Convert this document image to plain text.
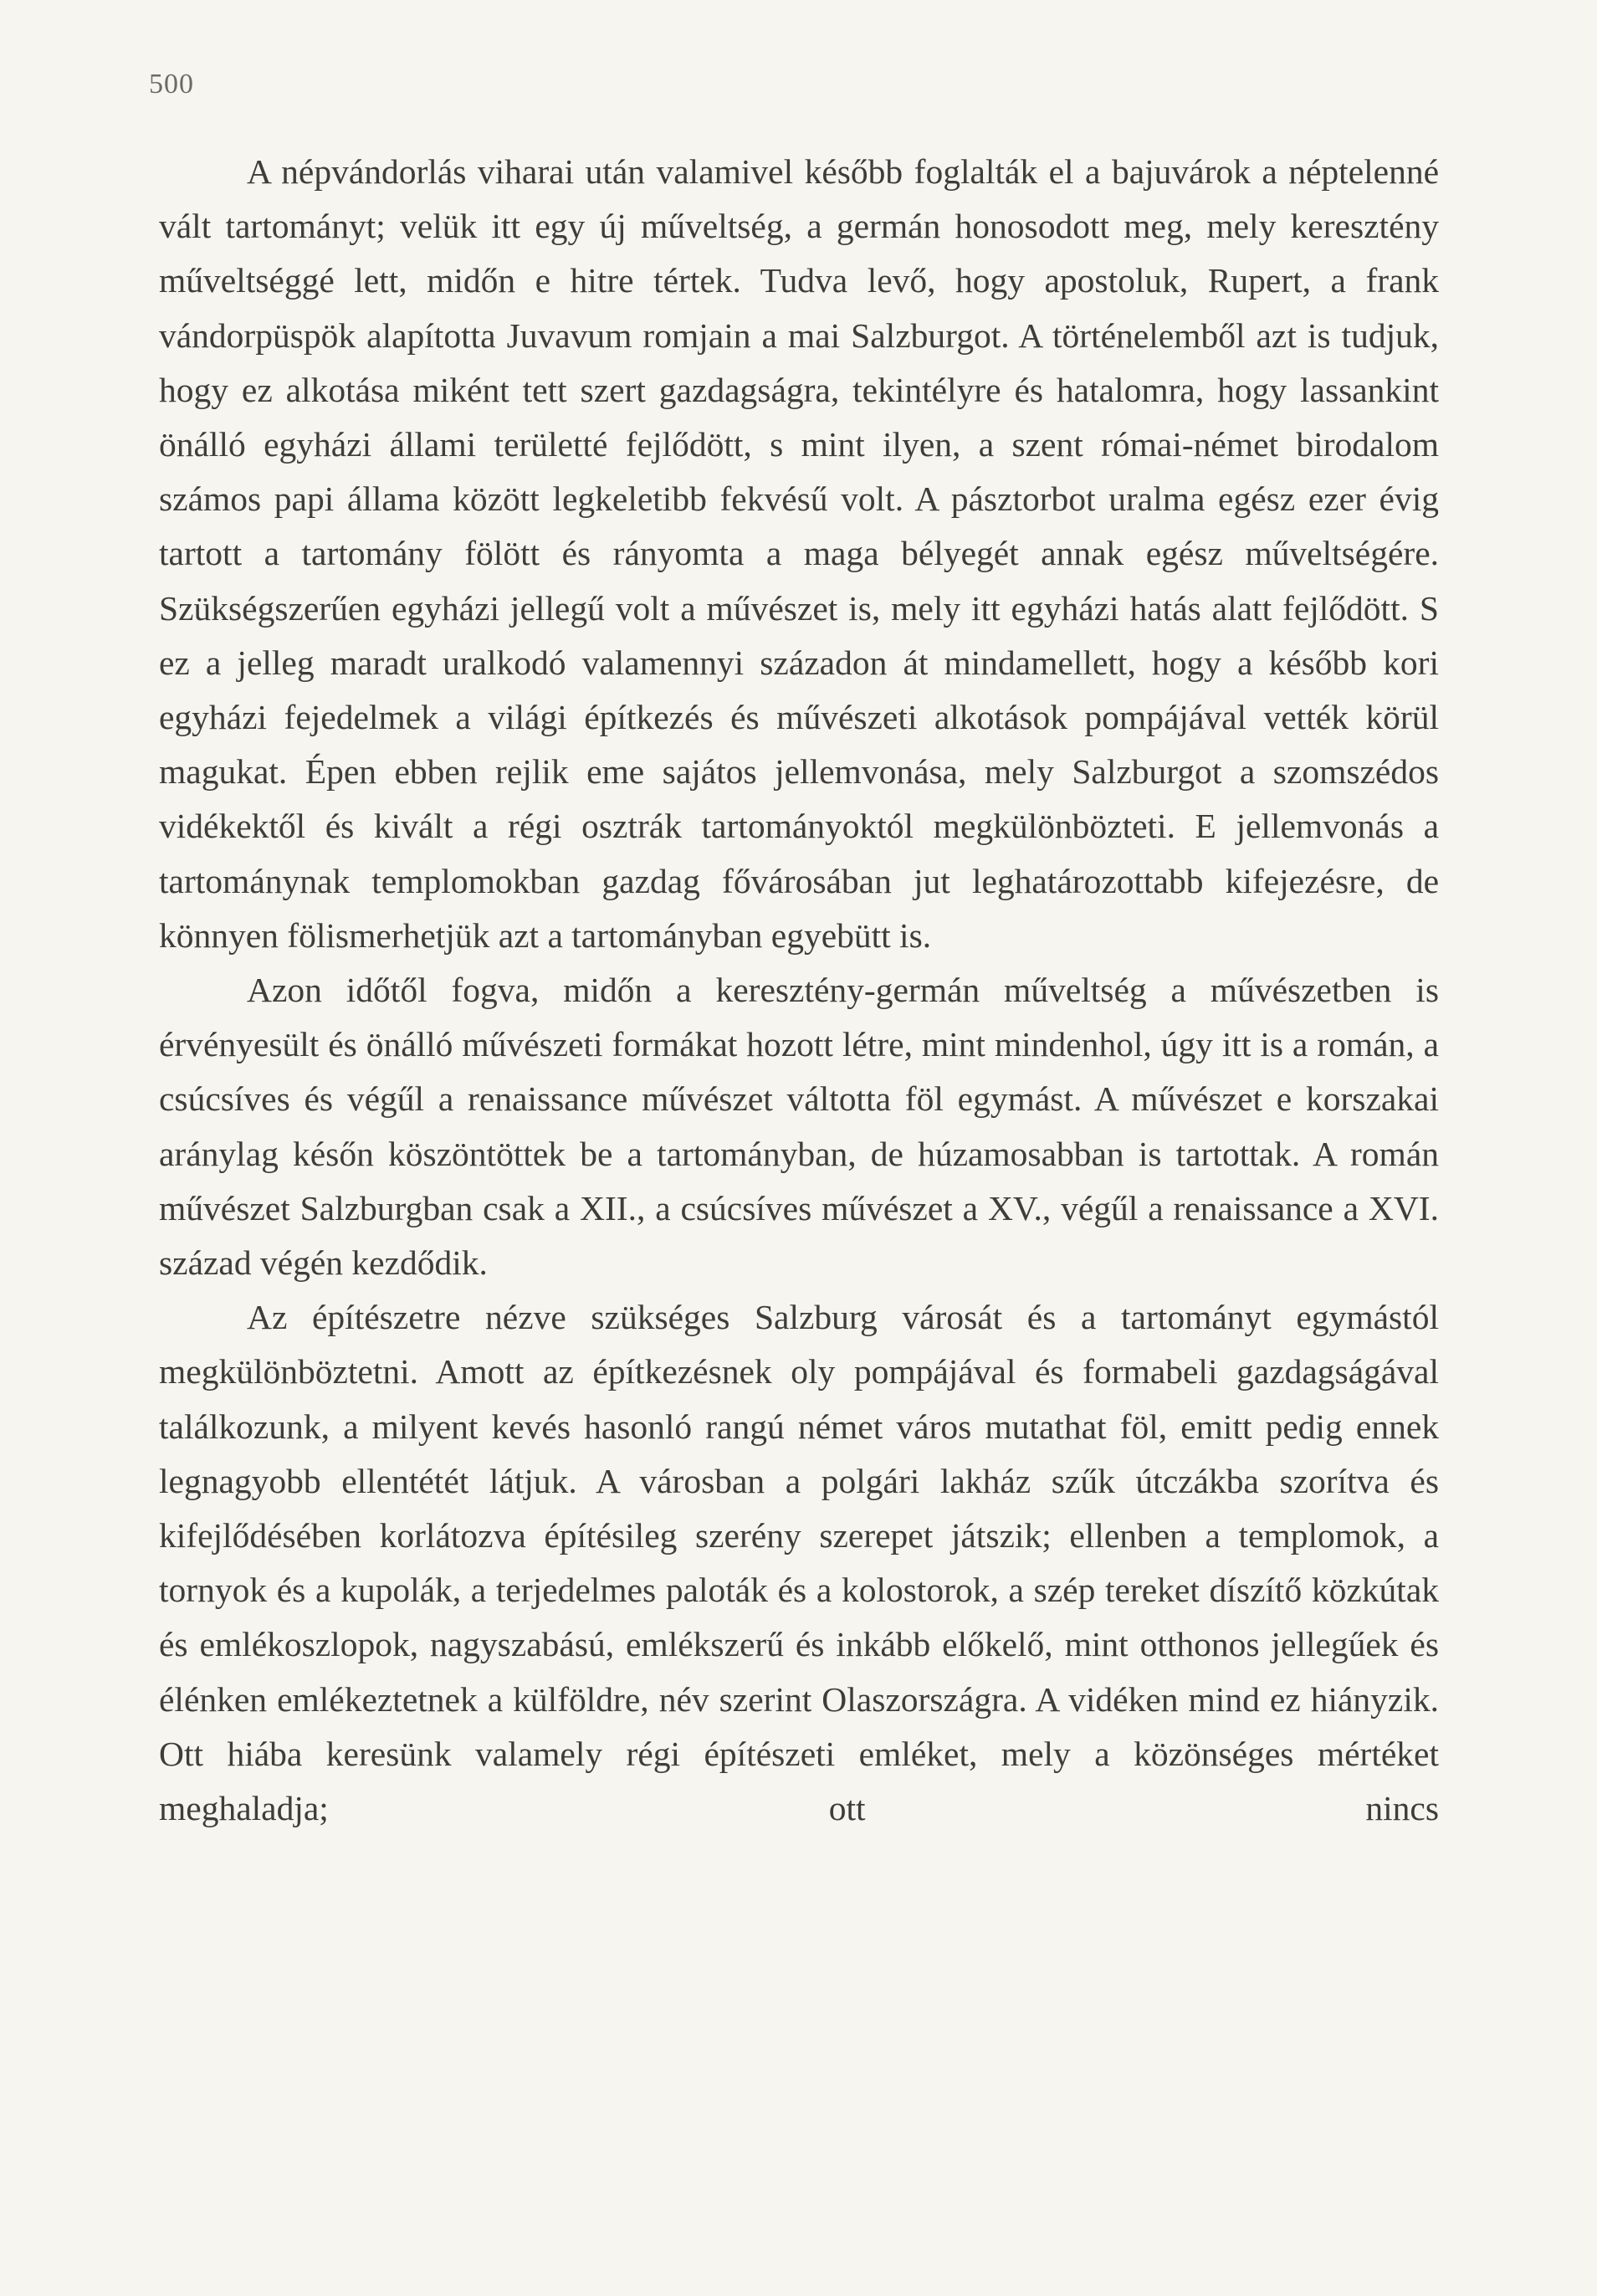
500

A népvándorlás viharai után valamivel később foglalták el a bajuvárok a néptelenné vált tartományt; velük itt egy új műveltség, a germán honosodott meg, mely keresztény műveltséggé lett, midőn e hitre tértek. Tudva levő, hogy apostoluk, Rupert, a frank vándorpüspök alapította Juvavum romjain a mai Salzburgot. A történelemből azt is tudjuk, hogy ez alkotása miként tett szert gazdagságra, tekintélyre és hatalomra, hogy lassankint önálló egyházi állami területté fejlődött, s mint ilyen, a szent római-német birodalom számos papi állama között legkeletibb fekvésű volt. A pásztorbot uralma egész ezer évig tartott a tartomány fölött és rányomta a maga bélyegét annak egész műveltségére. Szükségszerűen egyházi jellegű volt a művészet is, mely itt egyházi hatás alatt fejlődött. S ez a jelleg maradt uralkodó valamennyi századon át mindamellett, hogy a később kori egyházi fejedelmek a világi építkezés és művészeti alkotások pompájával vették körül magukat. Épen ebben rejlik eme sajátos jellemvonása, mely Salzburgot a szomszédos vidékektől és kivált a régi osztrák tartományoktól megkülönbözteti. E jellemvonás a tartománynak templomokban gazdag fővárosában jut leghatározottabb kifejezésre, de könnyen fölismerhetjük azt a tartományban egyebütt is.

Azon időtől fogva, midőn a keresztény-germán műveltség a művészetben is érvényesült és önálló művészeti formákat hozott létre, mint mindenhol, úgy itt is a román, a csúcsíves és végűl a renaissance művészet váltotta föl egymást. A művészet e korszakai aránylag későn köszöntöttek be a tartományban, de húzamosabban is tartottak. A román művészet Salzburgban csak a XII., a csúcsíves művészet a XV., végűl a renaissance a XVI. század végén kezdődik.

Az építészetre nézve szükséges Salzburg városát és a tartományt egymástól megkülönböztetni. Amott az építkezésnek oly pompájával és formabeli gazdagságával találkozunk, a milyent kevés hasonló rangú német város mutathat föl, emitt pedig ennek legnagyobb ellentétét látjuk. A városban a polgári lakház szűk útczákba szorítva és kifejlődésében korlátozva építésileg szerény szerepet játszik; ellenben a templomok, a tornyok és a kupolák, a terjedelmes paloták és a kolostorok, a szép tereket díszítő közkútak és emlékoszlopok, nagyszabású, emlékszerű és inkább előkelő, mint otthonos jellegűek és élénken emlékeztetnek a külföldre, név szerint Olaszországra. A vidéken mind ez hiányzik. Ott hiába keresünk valamely régi építészeti emléket, mely a közönséges mértéket meghaladja; ott nincs
